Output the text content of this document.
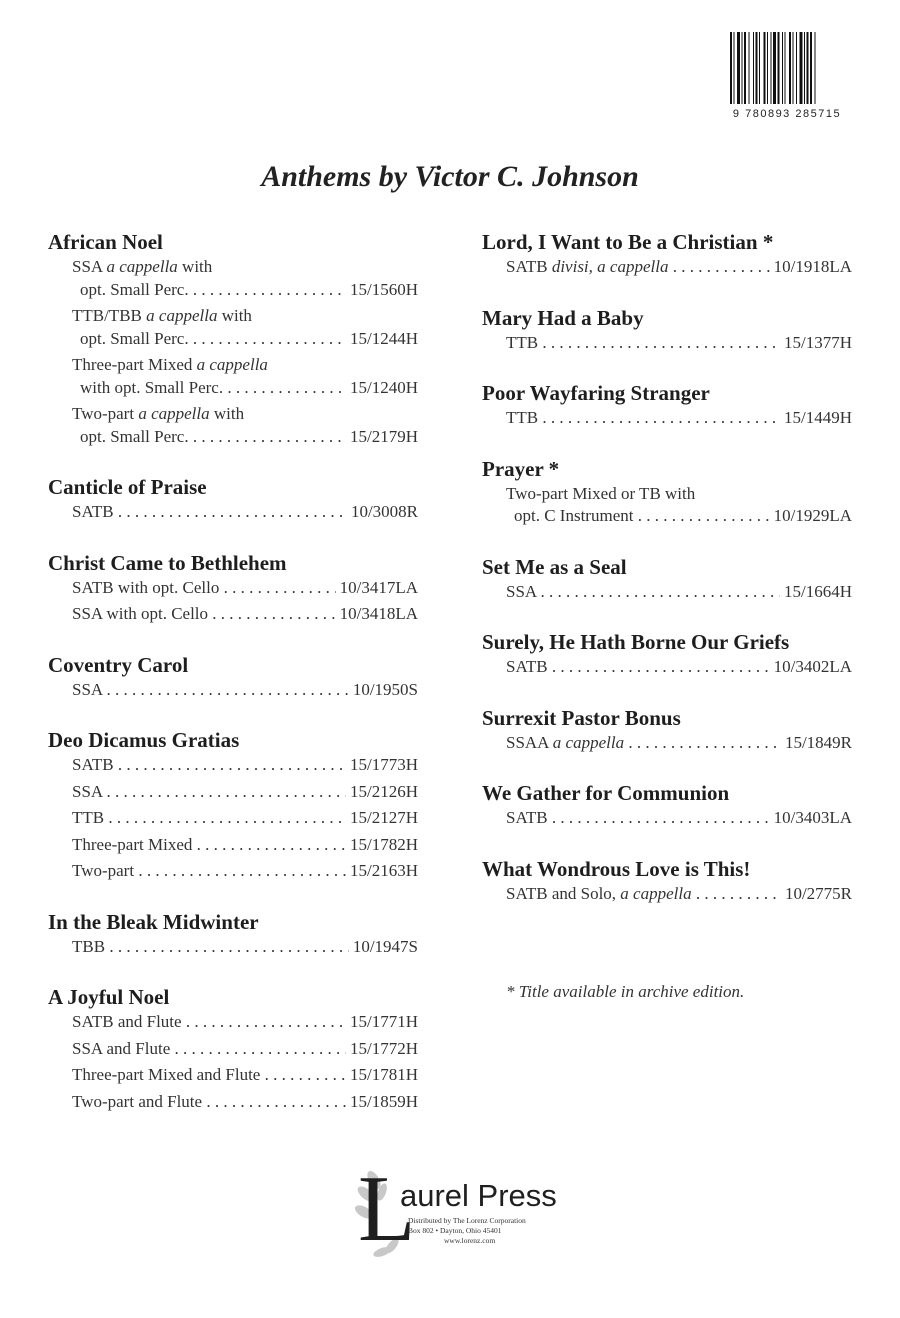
9 780893 285715
Anthems by Victor C. Johnson
African Noel
SSA a cappella with
opt. Small Perc. . . .	15/1560H
TTB/TBB a cappella with
opt. Small Perc. . . .	15/1244H
Three-part Mixed a cappella
with opt. Small Perc. . . .	15/1240H
Two-part a cappella with
opt. Small Perc. . . .	15/2179H
Canticle of Praise
SATB . . .	10/3008R
Christ Came to Bethlehem
SATB with opt. Cello . . .	10/3417LA
SSA with opt. Cello . . .	10/3418LA
Coventry Carol
SSA . . .	10/1950S
Deo Dicamus Gratias
SATB . . .	15/1773H
SSA . . .	15/2126H
TTB . . .	15/2127H
Three-part Mixed . . .	15/1782H
Two-part . . .	15/2163H
In the Bleak Midwinter
TBB . . .	10/1947S
A Joyful Noel
SATB and Flute . . .	15/1771H
SSA and Flute . . .	15/1772H
Three-part Mixed and Flute . . .	15/1781H
Two-part and Flute . . .	15/1859H
Lord, I Want to Be a Christian *
SATB divisi, a cappella . . .	10/1918LA
Mary Had a Baby
TTB . . .	15/1377H
Poor Wayfaring Stranger
TTB . . .	15/1449H
Prayer *
Two-part Mixed or TB with
opt. C Instrument . . .	10/1929LA
Set Me as a Seal
SSA . . .	15/1664H
Surely, He Hath Borne Our Griefs
SATB . . .	10/3402LA
Surrexit Pastor Bonus
SSAA a cappella . . .	15/1849R
We Gather for Communion
SATB . . .	10/3403LA
What Wondrous Love is This!
SATB and Solo, a cappella . . .	10/2775R
* Title available in archive edition.
L
aurel Press
Distributed by The Lorenz Corporation
Box 802 • Dayton, Ohio 45401
www.lorenz.com
